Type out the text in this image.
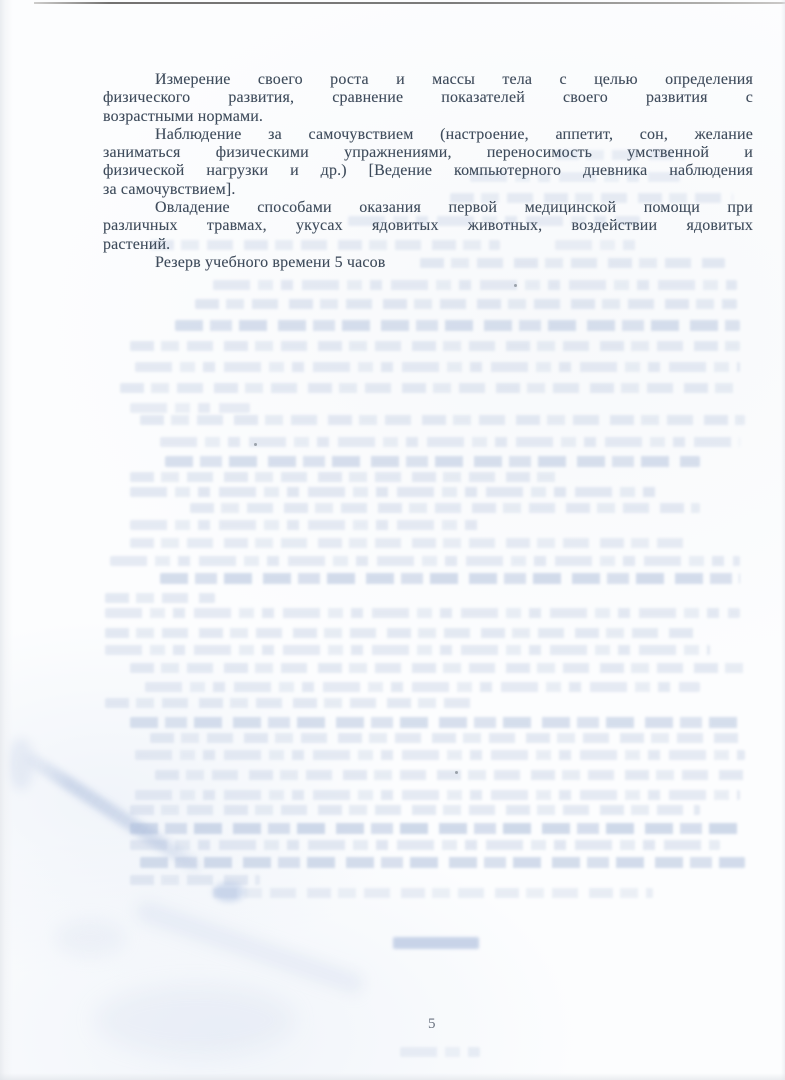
Измерение своего роста и массы тела с целью определения
физического развития, сравнение показателей своего развития с
возрастными нормами.
Наблюдение за самочувствием (настроение, аппетит, сон, желание
заниматься физическими упражнениями, переносимость умственной и
физической нагрузки и др.) [Ведение компьютерного дневника наблюдения
за самочувствием].
Овладение способами оказания первой медицинской помощи при
различных травмах, укусах ядовитых животных, воздействии ядовитых
растений.
Резерв учебного времени 5 часов
5
